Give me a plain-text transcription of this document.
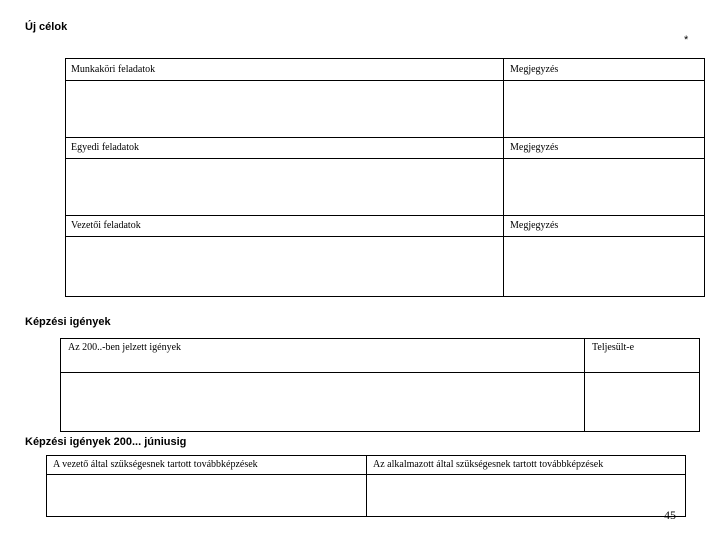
Új célok
*
Munkaköri feladatok	Megjegyzés
Egyedi feladatok	Megjegyzés
Vezetői feladatok	Megjegyzés
Képzési igények
Az 200..-ben jelzett igények	Teljesült-e
Képzési igények 200... júniusig
A vezető által szükségesnek tartott továbbképzések	Az alkalmazott által szükségesnek tartott továbbképzések
45
